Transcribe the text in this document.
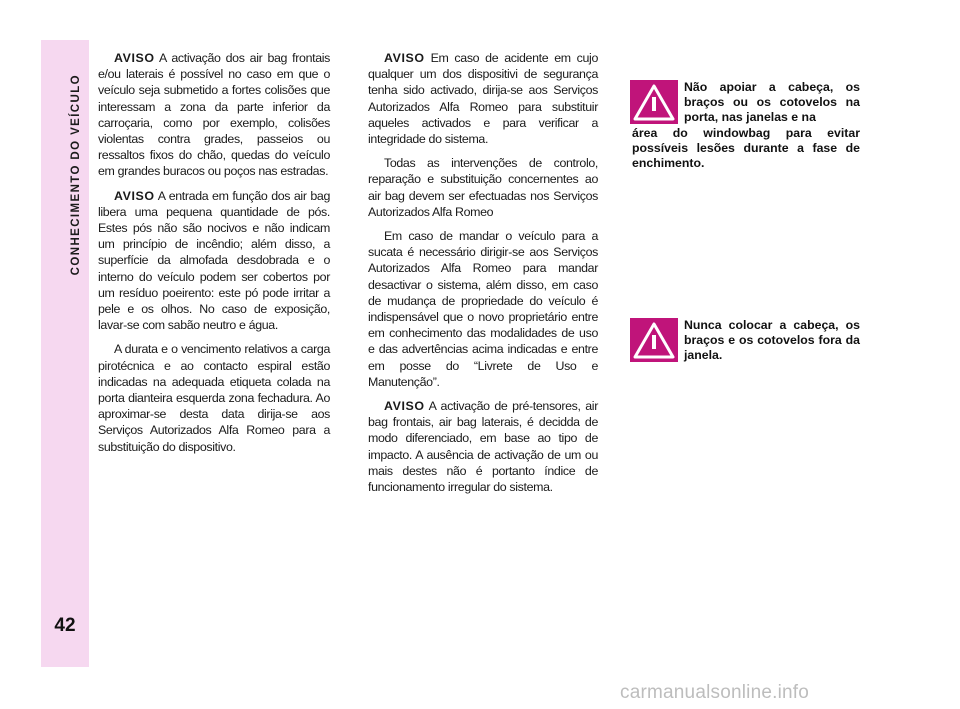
CONHECIMENTO DO VEÍCULO
42

AVISO A activação dos air bag frontais e/ou laterais é possível no caso em que o veículo seja submetido a fortes colisões que interessam a zona da parte inferior da carroçaria, como por exemplo, colisões violentas contra grades, passeios ou ressaltos fixos do chão, quedas do veículo em grandes buracos ou poços nas estradas.

AVISO A entrada em função dos air bag libera uma pequena quantidade de pós. Estes pós não são nocivos e não indicam um princípio de incêndio; além disso, a superfície da almofada desdobrada e o interno do veículo podem ser cobertos por um resíduo poeirento: este pó pode irritar a pele e os olhos. No caso de exposição, lavar-se com sabão neutro e água.

A durata e o vencimento relativos a carga pirotécnica e ao contacto espiral estão indicadas na adequada etiqueta colada na porta dianteira esquerda zona fechadura. Ao aproximar-se desta data dirija-se aos Serviços Autorizados Alfa Romeo para a substituição do dispositivo.

AVISO Em caso de acidente em cujo qualquer um dos dispositivi de segurança tenha sido activado, dirija-se aos Serviços Autorizados Alfa Romeo para substituir aqueles activados e para verificar a integridade do sistema.

Todas as intervenções de controlo, reparação e substituição concernentes ao air bag devem ser efectuadas nos Serviços Autorizados Alfa Romeo

Em caso de mandar o veículo para a sucata é necessário dirigir-se aos Serviços Autorizados Alfa Romeo para mandar desactivar o sistema, além disso, em caso de mudança de propriedade do veículo é indispensável que o novo proprietário entre em conhecimento das modalidades de uso e das advertências acima indicadas e entre em posse do “Livrete de Uso e Manutenção”.

AVISO A activação de pré-tensores, air bag frontais, air bag laterais, é decidda de modo diferenciado, em base ao tipo de impacto. A ausência de activação de um ou mais destes não é portanto índice de funcionamento irregular do sistema.

Não apoiar a cabeça, os braços ou os cotovelos na porta, nas janelas e na
área do windowbag para evitar possíveis lesões durante a fase de enchimento.
Nunca colocar a cabeça, os braços e os cotovelos fora da janela.
carmanualsonline.info
